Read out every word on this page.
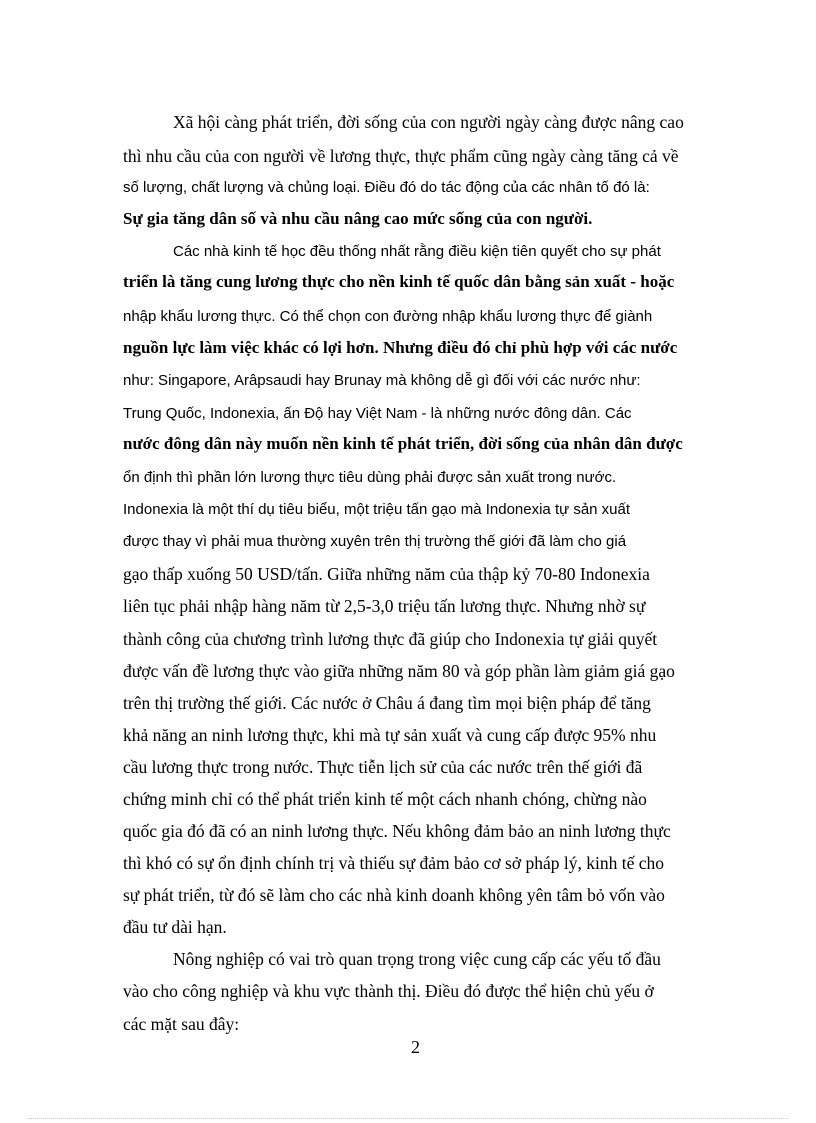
Xã hội càng phát triển, đời sống của con người ngày càng được nâng cao
thì nhu cầu của con người về lương thực, thực phẩm cũng ngày càng tăng cả về
số lượng, chất lượng và chủng loại. Điều đó do tác động của các nhân tố đó là:
Sự gia tăng dân số và nhu cầu nâng cao mức sống của con người.
Các nhà kinh tế học đều thống nhất rằng điều kiện tiên quyết cho sự phát
triển là tăng cung lương thực cho nền kinh tế quốc dân bằng sản xuất - hoặc
nhập khẩu lương thực. Có thể chọn con đường nhập khẩu lương thực để giành
nguồn lực làm việc khác có lợi hơn. Nhưng điều đó chỉ phù hợp với các nước
như: Singapore, Arâpsaudi hay Brunay mà không dễ gì đối với các nước như:
Trung Quốc, Indonexia, ấn Độ hay Việt Nam - là những nước đông dân. Các
nước đông dân này muốn nền kinh tế phát triển, đời sống của nhân dân được
ổn định thì phần lớn lương thực tiêu dùng phải được sản xuất trong nước.
Indonexia là một thí dụ tiêu biểu, một triệu tấn gạo mà Indonexia tự sản xuất
được thay vì phải mua thường xuyên trên thị trường thế giới đã làm cho giá
gạo thấp xuống 50 USD/tấn. Giữa những năm của thập kỷ 70-80 Indonexia
liên tục phải nhập hàng năm từ 2,5-3,0 triệu tấn lương thực. Nhưng nhờ sự
thành công của chương trình lương thực đã giúp cho Indonexia tự giải quyết
được vấn đề lương thực vào giữa những năm 80 và góp phần làm giảm giá gạo
trên thị trường thế giới. Các nước ở Châu á đang tìm mọi biện pháp để tăng
khả năng an ninh lương thực, khi mà tự sản xuất và cung cấp được 95% nhu
cầu lương thực trong nước. Thực tiễn lịch sử của các nước trên thế giới đã
chứng minh chỉ có thể phát triển kinh tế một cách nhanh chóng, chừng nào
quốc gia đó đã có an ninh lương thực. Nếu không đảm bảo an ninh lương thực
thì khó có sự ổn định chính trị và thiếu sự đảm bảo cơ sở pháp lý, kinh tế cho
sự phát triển, từ đó sẽ làm cho các nhà kinh doanh không yên tâm bỏ vốn vào
đầu tư dài hạn.
Nông nghiệp có vai trò quan trọng trong việc cung cấp các yếu tố đầu
vào cho công nghiệp và khu vực thành thị. Điều đó được thể hiện chủ yếu ở
các mặt sau đây:
2
